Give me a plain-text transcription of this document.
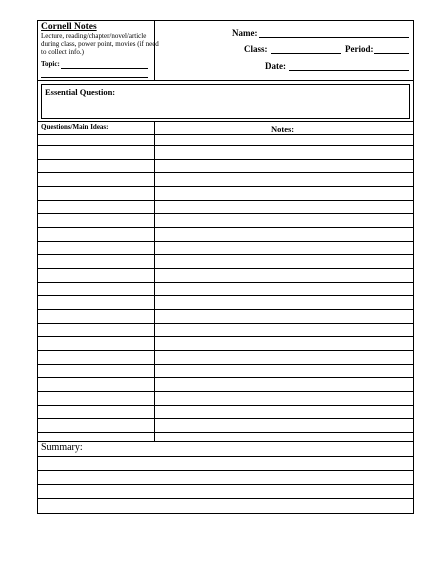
Cornell Notes
Lecture, reading/chapter/novel/article
during class, power point, movies (if need
to collect info.)
Topic:
Name:
Class:	Period:
Date:
Essential Question:
Questions/Main Ideas:	Notes:
Summary:
